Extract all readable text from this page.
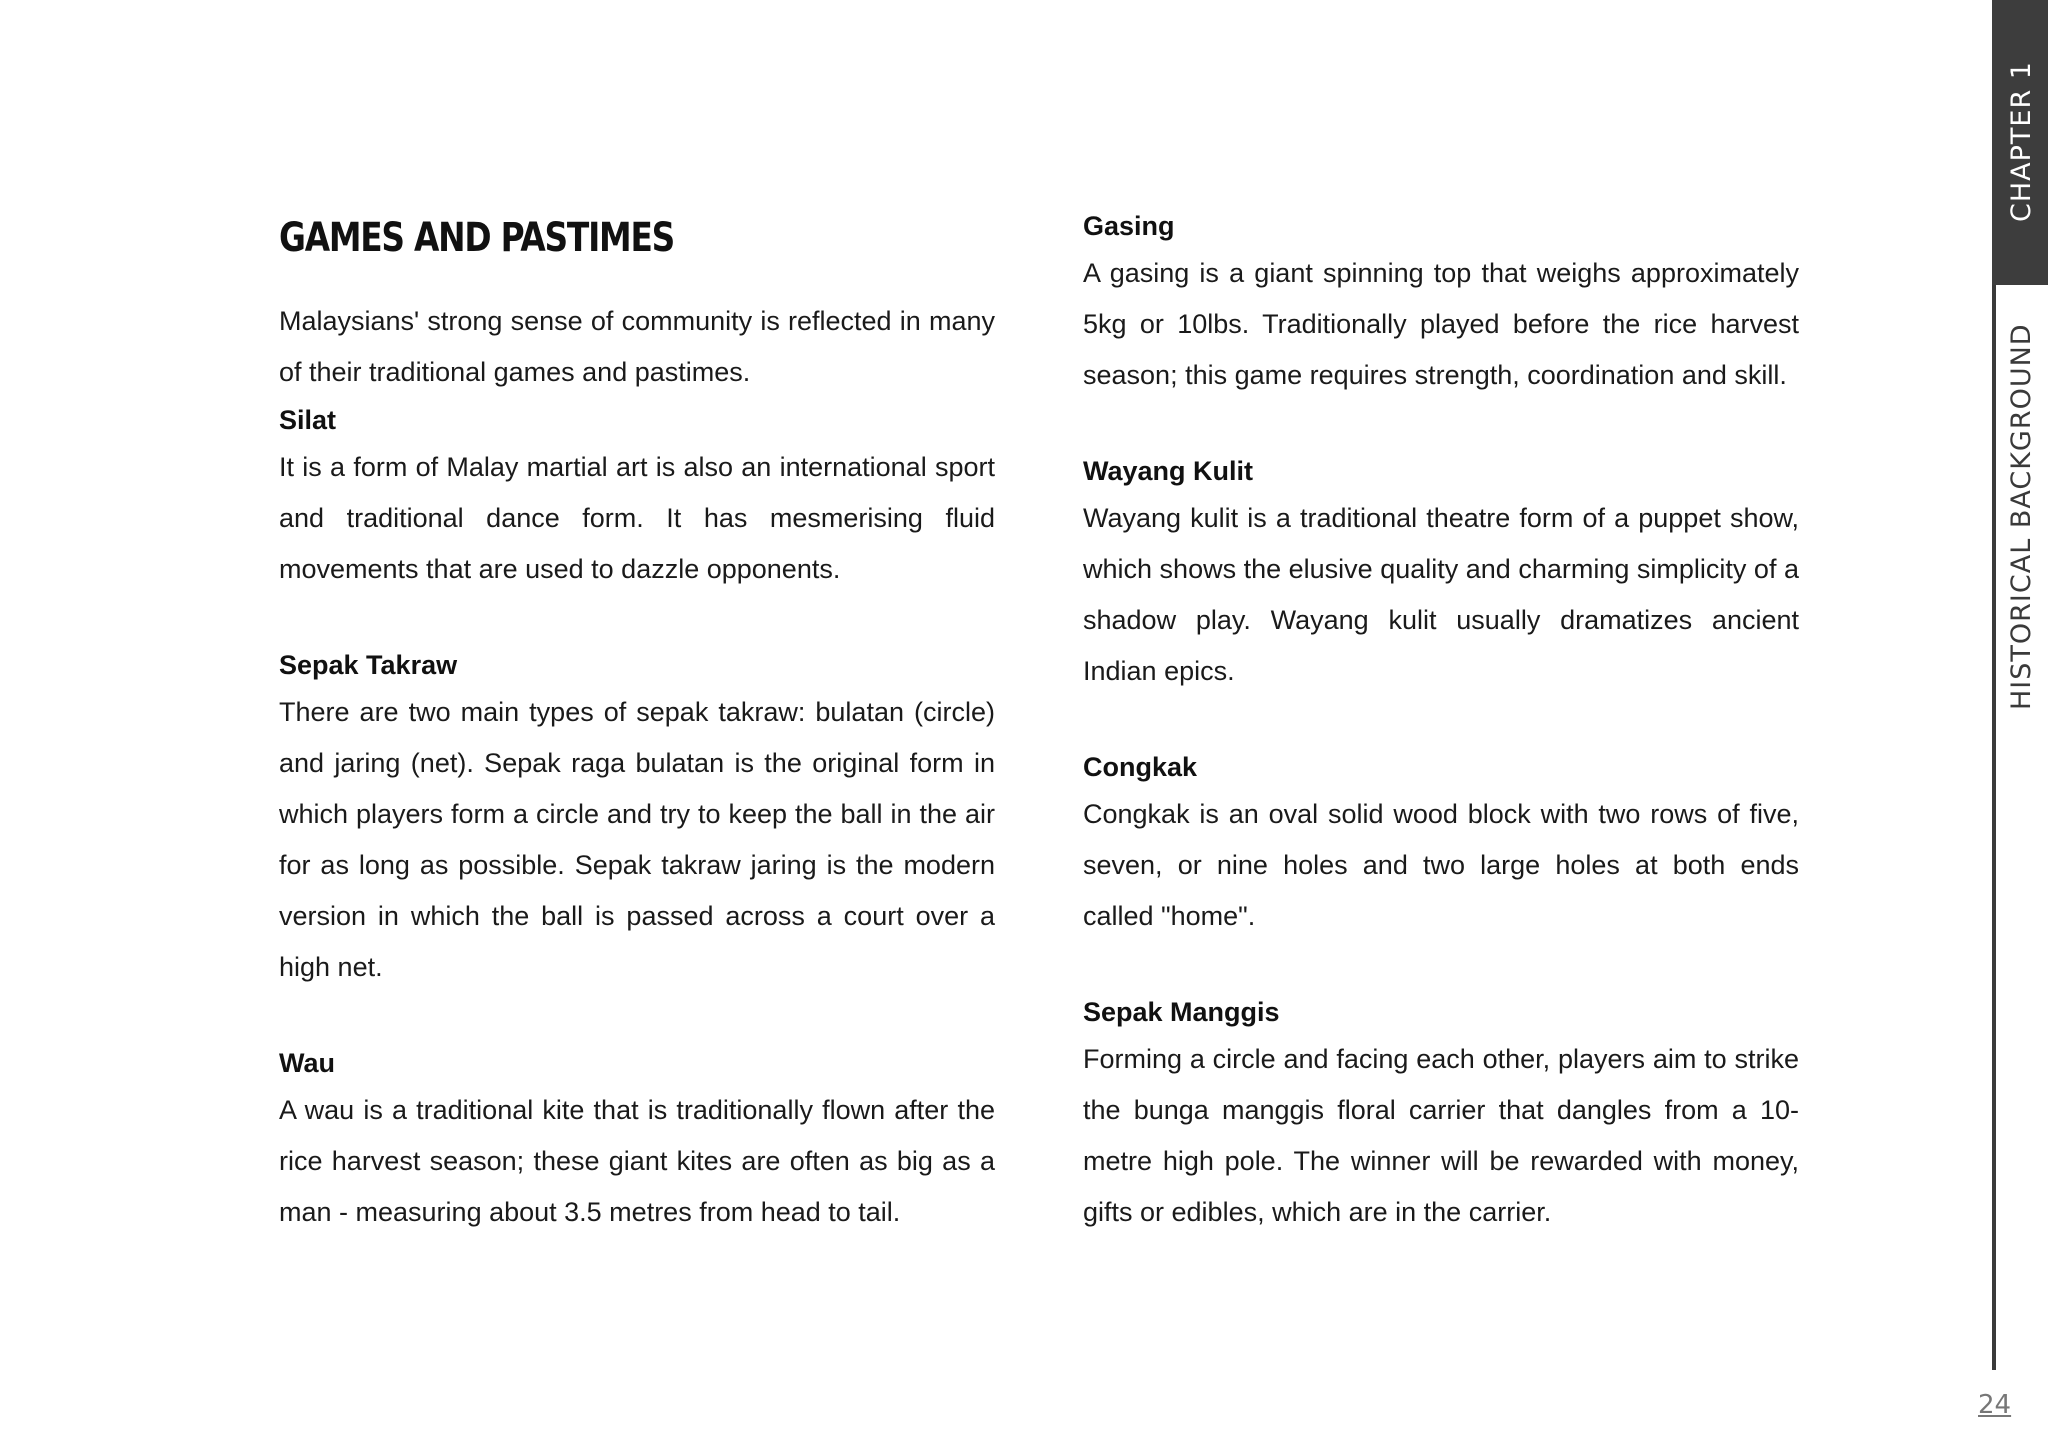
GAMES AND PASTIMES

Malaysians' strong sense of community is reflected in many of their traditional games and pastimes.

Silat

It is a form of Malay martial art is also an international sport and traditional dance form. It has mesmerising fluid movements that are used to dazzle opponents.

Sepak Takraw

There are two main types of sepak takraw: bulatan (circle) and jaring (net). Sepak raga bulatan is the original form in which players form a circle and try to keep the ball in the air for as long as possible. Sepak takraw jaring is the modern version in which the ball is passed across a court over a high net.

Wau

A wau is a traditional kite that is traditionally flown after the rice harvest season; these giant kites are often as big as a man - measuring about 3.5 metres from head to tail.

Gasing

A gasing is a giant spinning top that weighs approximately 5kg or 10lbs. Traditionally played before the rice harvest season; this game requires strength, coordination and skill.

Wayang Kulit

Wayang kulit is a traditional theatre form of a puppet show, which shows the elusive quality and charming simplicity of a shadow play. Wayang kulit usually dramatizes ancient Indian epics.

Congkak

Congkak is an oval solid wood block with two rows of five, seven, or nine holes and two large holes at both ends called "home".

Sepak Manggis

Forming a circle and facing each other, players aim to strike the bunga manggis floral carrier that dangles from a 10-metre high pole. The winner will be rewarded with money, gifts or edibles, which are in the carrier.

CHAPTER 1
HISTORICAL BACKGROUND
24
